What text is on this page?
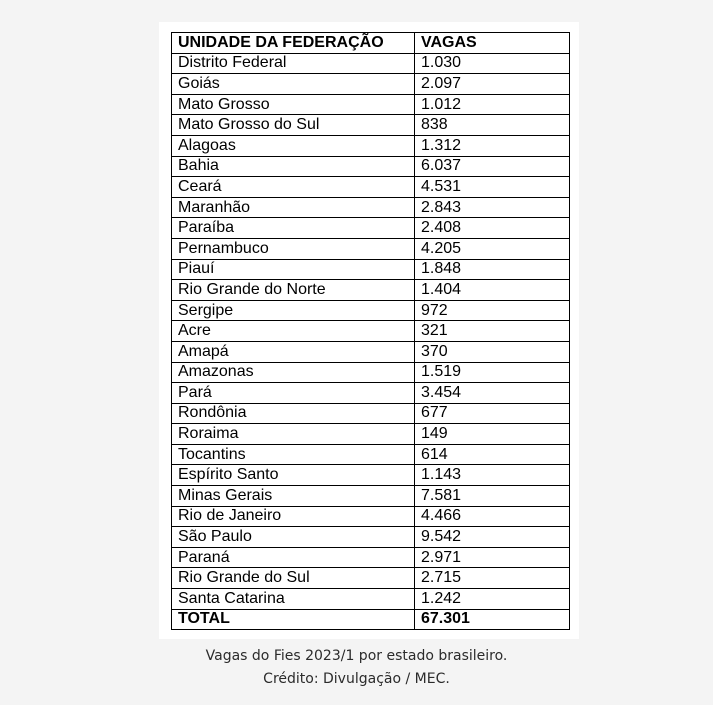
UNIDADE DA FEDERAÇÃO	VAGAS
Distrito Federal	1.030
Goiás	2.097
Mato Grosso	1.012
Mato Grosso do Sul	838
Alagoas	1.312
Bahia	6.037
Ceará	4.531
Maranhão	2.843
Paraíba	2.408
Pernambuco	4.205
Piauí	1.848
Rio Grande do Norte	1.404
Sergipe	972
Acre	321
Amapá	370
Amazonas	1.519
Pará	3.454
Rondônia	677
Roraima	149
Tocantins	614
Espírito Santo	1.143
Minas Gerais	7.581
Rio de Janeiro	4.466
São Paulo	9.542
Paraná	2.971
Rio Grande do Sul	2.715
Santa Catarina	1.242
TOTAL	67.301
Vagas do Fies 2023/1 por estado brasileiro.
Crédito: Divulgação / MEC.
